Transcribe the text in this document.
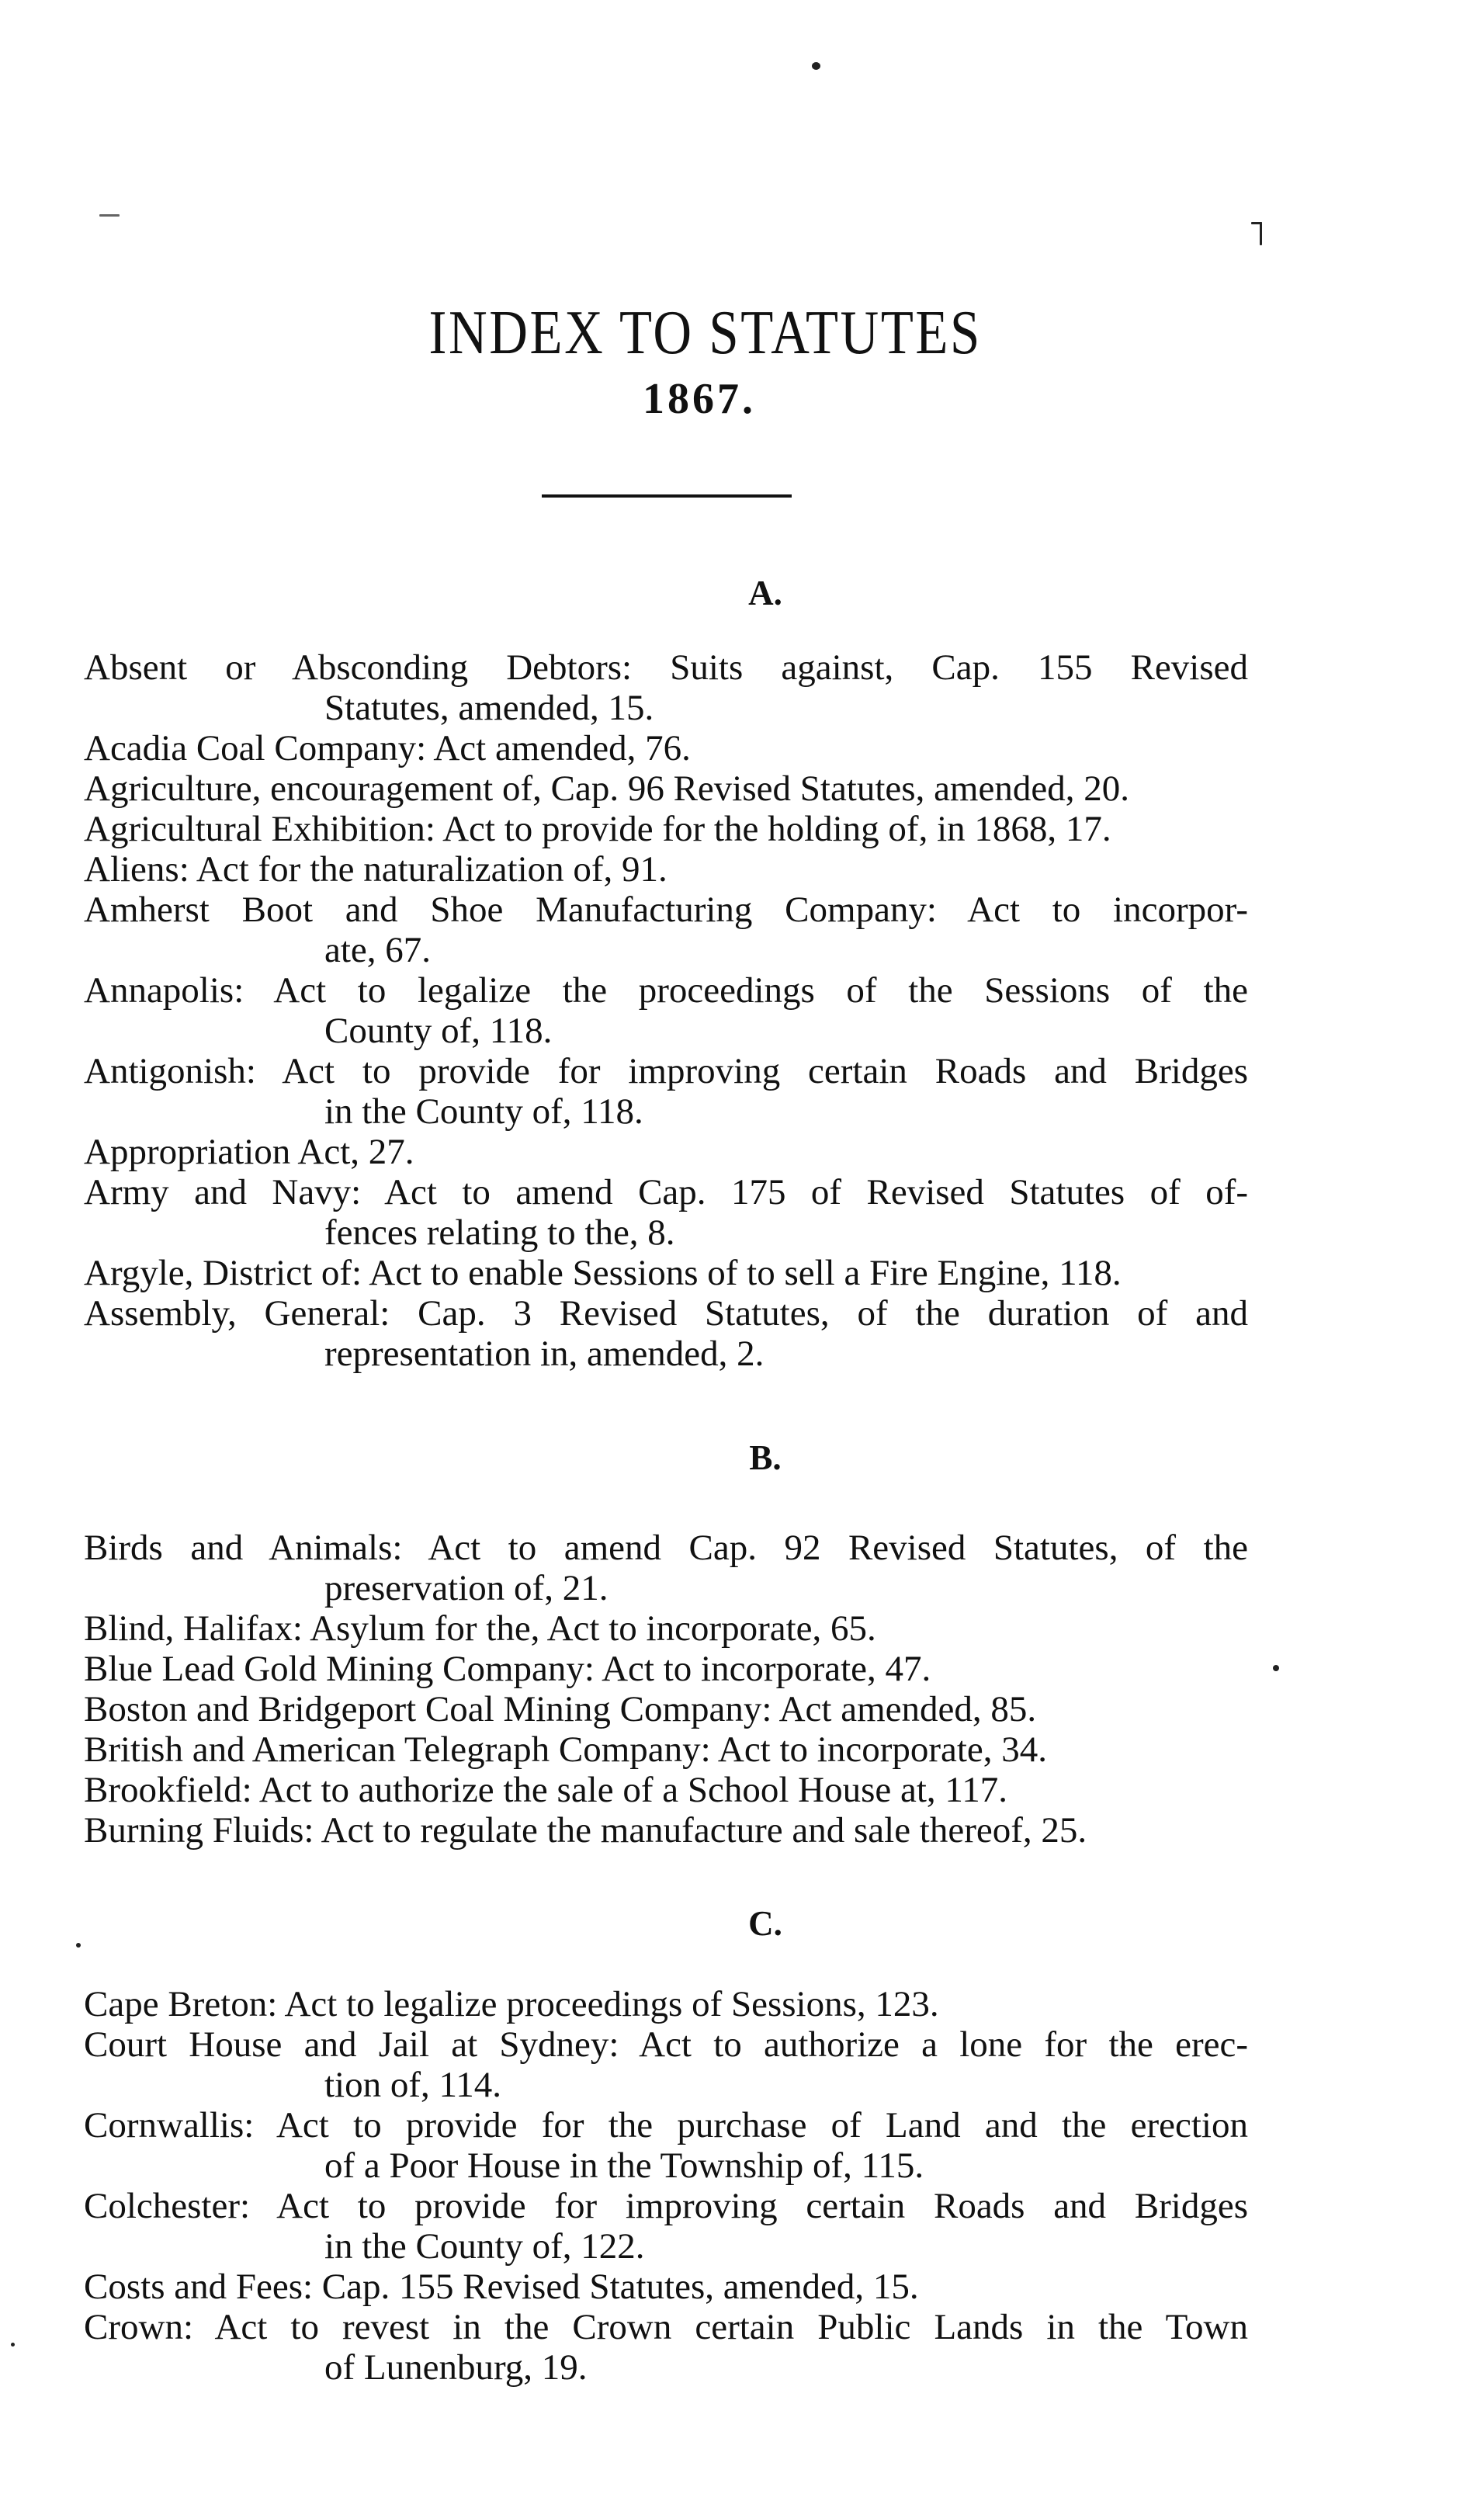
INDEX TO STATUTES
1867.
A.
Absent or Absconding Debtors: Suits against, Cap. 155 Revised
Statutes, amended, 15.
Acadia Coal Company: Act amended, 76.
Agriculture, encouragement of, Cap. 96 Revised Statutes, amended, 20.
Agricultural Exhibition: Act to provide for the holding of, in 1868, 17.
Aliens: Act for the naturalization of, 91.
Amherst Boot and Shoe Manufacturing Company: Act to incorpor-
ate, 67.
Annapolis: Act to legalize the proceedings of the Sessions of the
County of, 118.
Antigonish: Act to provide for improving certain Roads and Bridges
in the County of, 118.
Appropriation Act, 27.
Army and Navy: Act to amend Cap. 175 of Revised Statutes of of-
fences relating to the, 8.
Argyle, District of: Act to enable Sessions of to sell a Fire Engine, 118.
Assembly, General: Cap. 3 Revised Statutes, of the duration of and
representation in, amended, 2.
B.
Birds and Animals: Act to amend Cap. 92 Revised Statutes, of the
preservation of, 21.
Blind, Halifax: Asylum for the, Act to incorporate, 65.
Blue Lead Gold Mining Company: Act to incorporate, 47.
Boston and Bridgeport Coal Mining Company: Act amended, 85.
British and American Telegraph Company: Act to incorporate, 34.
Brookfield: Act to authorize the sale of a School House at, 117.
Burning Fluids: Act to regulate the manufacture and sale thereof, 25.
C.
Cape Breton: Act to legalize proceedings of Sessions, 123.
Court House and Jail at Sydney: Act to authorize a lone for the erec-
tion of, 114.
Cornwallis: Act to provide for the purchase of Land and the erection
of a Poor House in the Township of, 115.
Colchester: Act to provide for improving certain Roads and Bridges
in the County of, 122.
Costs and Fees: Cap. 155 Revised Statutes, amended, 15.
Crown: Act to revest in the Crown certain Public Lands in the Town
of Lunenburg, 19.
